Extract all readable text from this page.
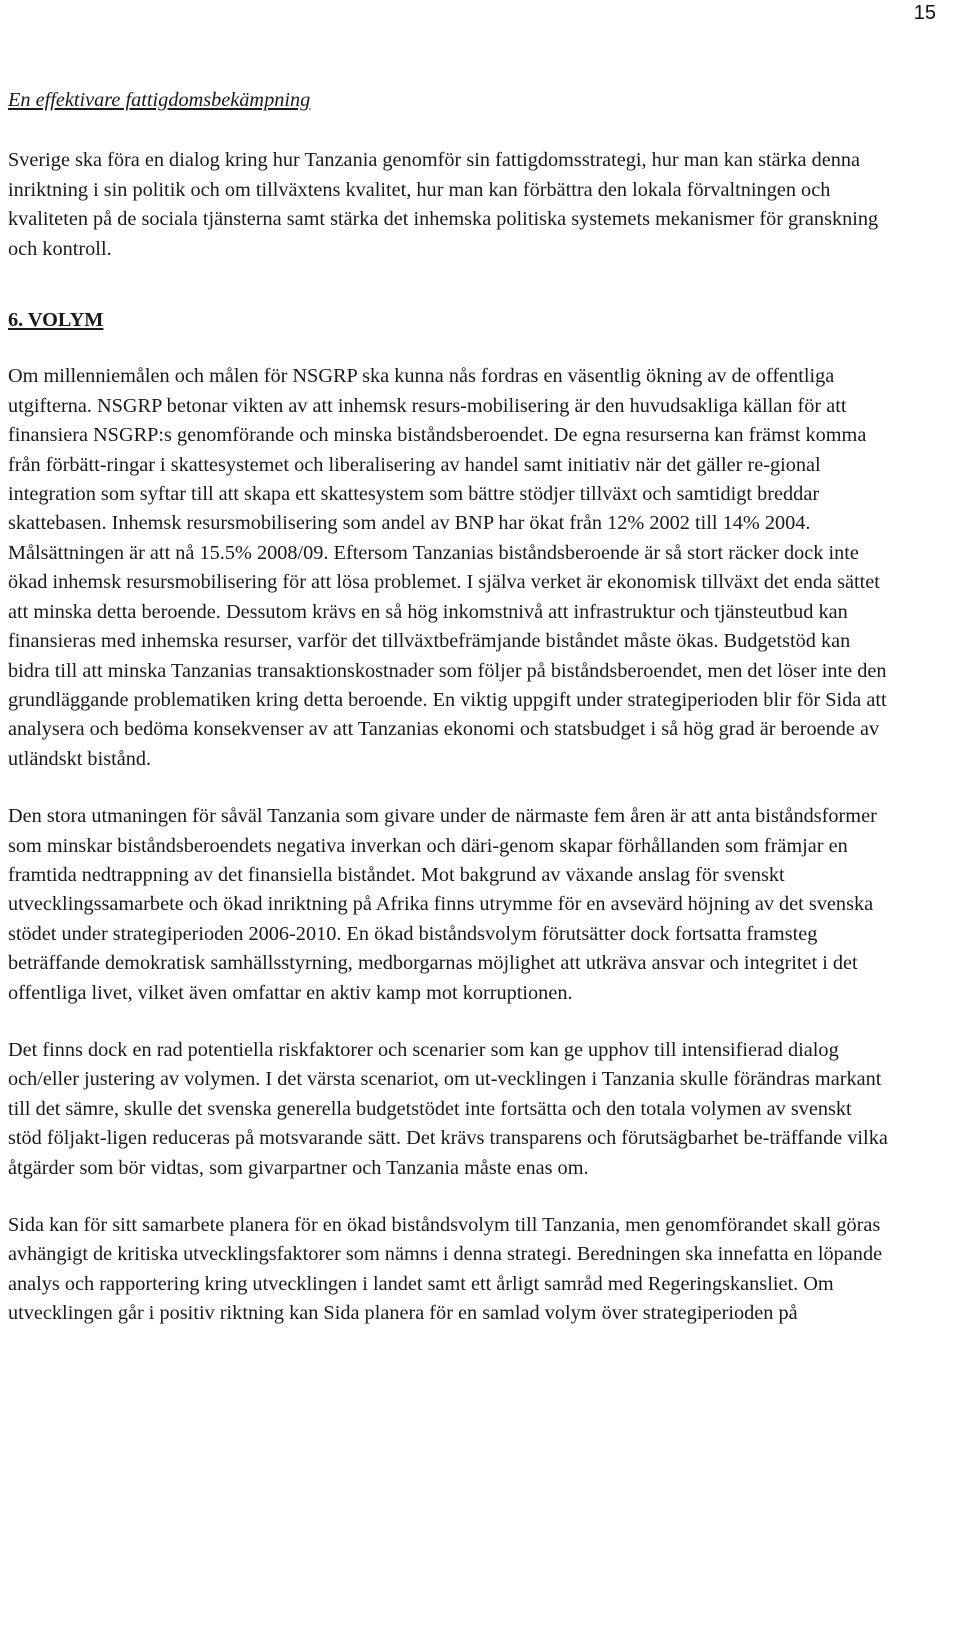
15
En effektivare fattigdomsbekämpning

Sverige ska föra en dialog kring hur Tanzania genomför sin fattigdomsstrategi, hur man kan stärka denna inriktning i sin politik och om tillväxtens kvalitet, hur man kan förbättra den lokala förvaltningen och kvaliteten på de sociala tjänsterna samt stärka det inhemska politiska systemets mekanismer för granskning och kontroll.

6. VOLYM

Om millenniemålen och målen för NSGRP ska kunna nås fordras en väsentlig ökning av de offentliga utgifterna. NSGRP betonar vikten av att inhemsk resurs-mobilisering är den huvudsakliga källan för att finansiera NSGRP:s genomförande och minska biståndsberoendet. De egna resurserna kan främst komma från förbätt-ringar i skattesystemet och liberalisering av handel samt initiativ när det gäller re-gional integration som syftar till att skapa ett skattesystem som bättre stödjer tillväxt och samtidigt breddar skattebasen. Inhemsk resursmobilisering som andel av BNP har ökat från 12% 2002 till 14% 2004. Målsättningen är att nå 15.5% 2008/09. Eftersom Tanzanias biståndsberoende är så stort räcker dock inte ökad inhemsk resursmobilisering för att lösa problemet. I själva verket är ekonomisk tillväxt det enda sättet att minska detta beroende. Dessutom krävs en så hög inkomstnivå att infrastruktur och tjänsteutbud kan finansieras med inhemska resurser, varför det tillväxtbefrämjande biståndet måste ökas. Budgetstöd kan bidra till att minska Tanzanias transaktionskostnader som följer på biståndsberoendet, men det löser inte den grundläggande problematiken kring detta beroende. En viktig uppgift under strategiperioden blir för Sida att analysera och bedöma konsekvenser av att Tanzanias ekonomi och statsbudget i så hög grad är beroende av utländskt bistånd.

Den stora utmaningen för såväl Tanzania som givare under de närmaste fem åren är att anta biståndsformer som minskar biståndsberoendets negativa inverkan och däri-genom skapar förhållanden som främjar en framtida nedtrappning av det finansiella biståndet. Mot bakgrund av växande anslag för svenskt utvecklingssamarbete och ökad inriktning på Afrika finns utrymme för en avsevärd höjning av det svenska stödet under strategiperioden 2006-2010. En ökad biståndsvolym förutsätter dock fortsatta framsteg beträffande demokratisk samhällsstyrning, medborgarnas möjlighet att utkräva ansvar och integritet i det offentliga livet, vilket även omfattar en aktiv kamp mot korruptionen.

Det finns dock en rad potentiella riskfaktorer och scenarier som kan ge upphov till intensifierad dialog och/eller justering av volymen. I det värsta scenariot, om ut-vecklingen i Tanzania skulle förändras markant till det sämre, skulle det svenska generella budgetstödet inte fortsätta och den totala volymen av svenskt stöd följakt-ligen reduceras på motsvarande sätt. Det krävs transparens och förutsägbarhet be-träffande vilka åtgärder som bör vidtas, som givarpartner och Tanzania måste enas om.

Sida kan för sitt samarbete planera för en ökad biståndsvolym till Tanzania, men genomförandet skall göras avhängigt de kritiska utvecklingsfaktorer som nämns i denna strategi. Beredningen ska innefatta en löpande analys och rapportering kring utvecklingen i landet samt ett årligt samråd med Regeringskansliet. Om utvecklingen går i positiv riktning kan Sida planera för en samlad volym över strategiperioden på
